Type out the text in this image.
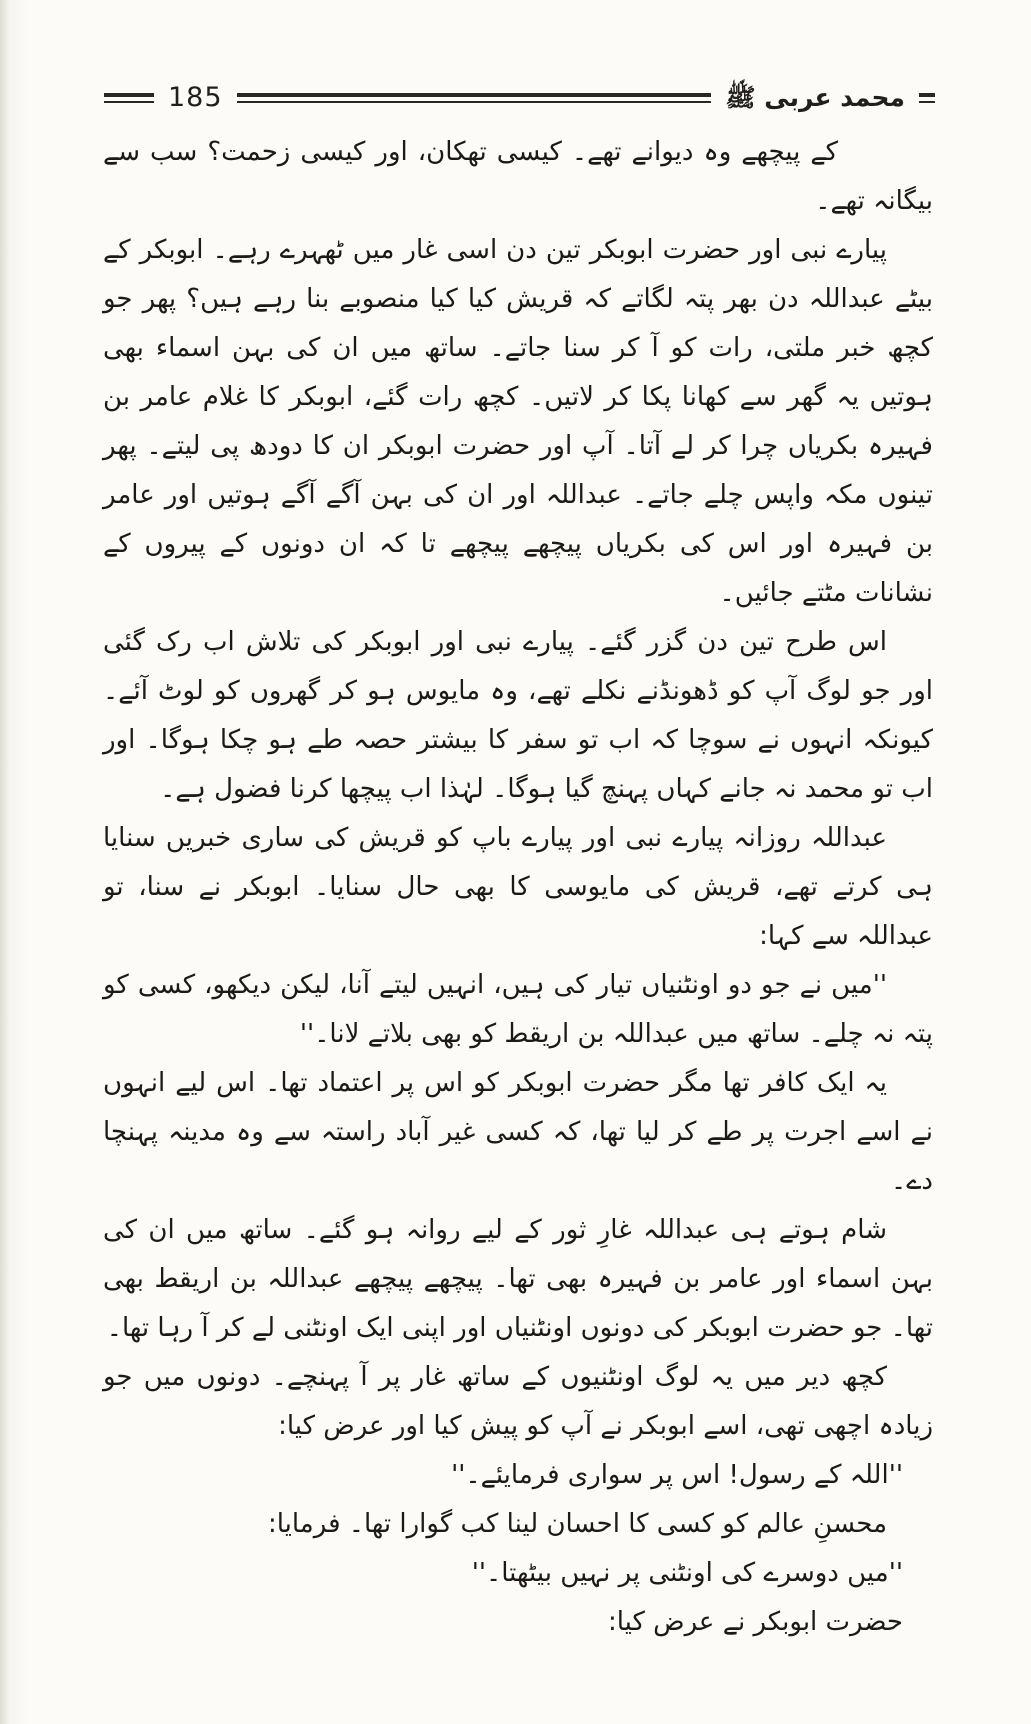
185	محمد عربی ﷺ

کے پیچھے وہ دیوانے تھے۔ کیسی تھکان، اور کیسی زحمت؟ سب سے بیگانہ تھے۔

پیارے نبی اور حضرت ابوبکر تین دن اسی غار میں ٹھہرے رہے۔ ابوبکر کے بیٹے عبداللہ دن بھر پتہ لگاتے کہ قریش کیا کیا منصوبے بنا رہے ہیں؟ پھر جو کچھ خبر ملتی، رات کو آ کر سنا جاتے۔ ساتھ میں ان کی بہن اسماء بھی ہوتیں یہ گھر سے کھانا پکا کر لاتیں۔ کچھ رات گئے، ابوبکر کا غلام عامر بن فہیرہ بکریاں چرا کر لے آتا۔ آپ اور حضرت ابوبکر ان کا دودھ پی لیتے۔ پھر تینوں مکہ واپس چلے جاتے۔ عبداللہ اور ان کی بہن آگے آگے ہوتیں اور عامر بن فہیرہ اور اس کی بکریاں پیچھے پیچھے تا کہ ان دونوں کے پیروں کے نشانات مٹتے جائیں۔

اس طرح تین دن گزر گئے۔ پیارے نبی اور ابوبکر کی تلاش اب رک گئی اور جو لوگ آپ کو ڈھونڈنے نکلے تھے، وہ مایوس ہو کر گھروں کو لوٹ آئے۔ کیونکہ انہوں نے سوچا کہ اب تو سفر کا بیشتر حصہ طے ہو چکا ہوگا۔ اور اب تو محمد نہ جانے کہاں پہنچ گیا ہوگا۔ لہٰذا اب پیچھا کرنا فضول ہے۔

عبداللہ روزانہ پیارے نبی اور پیارے باپ کو قریش کی ساری خبریں سنایا ہی کرتے تھے، قریش کی مایوسی کا بھی حال سنایا۔ ابوبکر نے سنا، تو عبداللہ سے کہا:

''میں نے جو دو اونٹنیاں تیار کی ہیں، انہیں لیتے آنا، لیکن دیکھو، کسی کو پتہ نہ چلے۔ ساتھ میں عبداللہ بن اریقط کو بھی بلاتے لانا۔''

یہ ایک کافر تھا مگر حضرت ابوبکر کو اس پر اعتماد تھا۔ اس لیے انہوں نے اسے اجرت پر طے کر لیا تھا، کہ کسی غیر آباد راستہ سے وہ مدینہ پہنچا دے۔

شام ہوتے ہی عبداللہ غارِ ثور کے لیے روانہ ہو گئے۔ ساتھ میں ان کی بہن اسماء اور عامر بن فہیرہ بھی تھا۔ پیچھے پیچھے عبداللہ بن اریقط بھی تھا۔ جو حضرت ابوبکر کی دونوں اونٹنیاں اور اپنی ایک اونٹنی لے کر آ رہا تھا۔

کچھ دیر میں یہ لوگ اونٹنیوں کے ساتھ غار پر آ پہنچے۔ دونوں میں جو زیادہ اچھی تھی، اسے ابوبکر نے آپ کو پیش کیا اور عرض کیا:

''اللہ کے رسول! اس پر سواری فرمایئے۔''

محسنِ عالم کو کسی کا احسان لینا کب گوارا تھا۔ فرمایا:

''میں دوسرے کی اونٹنی پر نہیں بیٹھتا۔''

حضرت ابوبکر نے عرض کیا:
